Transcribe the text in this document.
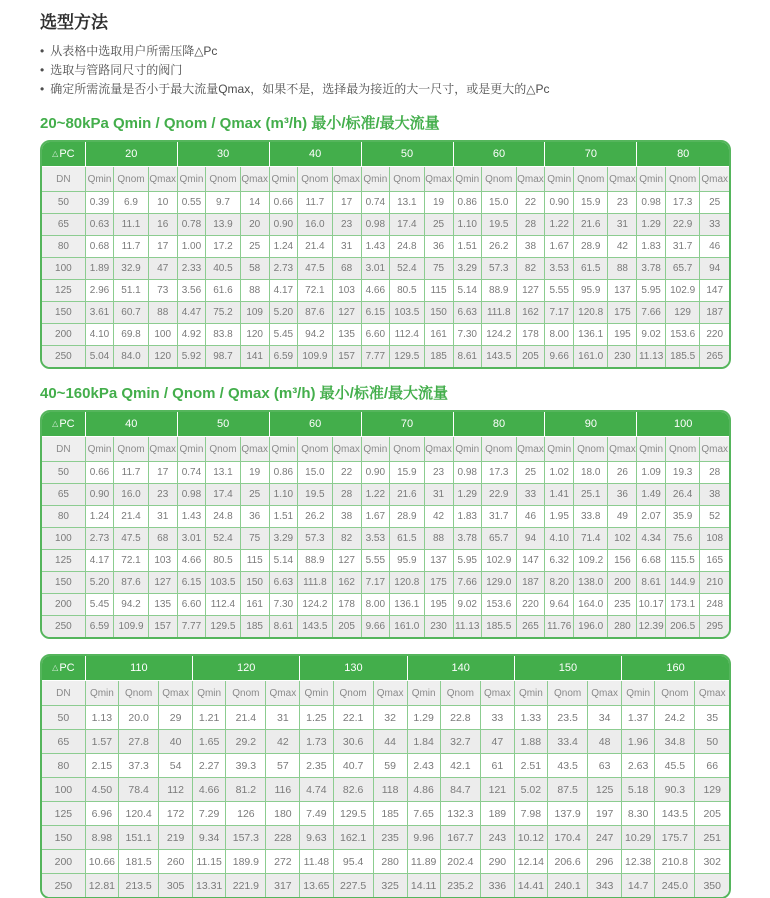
选型方法
• 从表格中选取用户所需压降△Pc
• 选取与管路同尺寸的阀门
• 确定所需流量是否小于最大流量Qmax，如果不是，选择最为接近的大一尺寸，或是更大的△Pc
20~80kPa Qmin / Qnom / Qmax (m³/h) 最小/标准/最大流量
△PC	20			30			40			50			60			70			80		
DN	Qmin	Qnom	Qmax	Qmin	Qnom	Qmax	Qmin	Qnom	Qmax	Qmin	Qnom	Qmax	Qmin	Qnom	Qmax	Qmin	Qnom	Qmax	Qmin	Qnom	Qmax
50	0.39	6.9	10	0.55	9.7	14	0.66	11.7	17	0.74	13.1	19	0.86	15.0	22	0.90	15.9	23	0.98	17.3	25
65	0.63	11.1	16	0.78	13.9	20	0.90	16.0	23	0.98	17.4	25	1.10	19.5	28	1.22	21.6	31	1.29	22.9	33
80	0.68	11.7	17	1.00	17.2	25	1.24	21.4	31	1.43	24.8	36	1.51	26.2	38	1.67	28.9	42	1.83	31.7	46
100	1.89	32.9	47	2.33	40.5	58	2.73	47.5	68	3.01	52.4	75	3.29	57.3	82	3.53	61.5	88	3.78	65.7	94
125	2.96	51.1	73	3.56	61.6	88	4.17	72.1	103	4.66	80.5	115	5.14	88.9	127	5.55	95.9	137	5.95	102.9	147
150	3.61	60.7	88	4.47	75.2	109	5.20	87.6	127	6.15	103.5	150	6.63	111.8	162	7.17	120.8	175	7.66	129	187
200	4.10	69.8	100	4.92	83.8	120	5.45	94.2	135	6.60	112.4	161	7.30	124.2	178	8.00	136.1	195	9.02	153.6	220
250	5.04	84.0	120	5.92	98.7	141	6.59	109.9	157	7.77	129.5	185	8.61	143.5	205	9.66	161.0	230	11.13	185.5	265
40~160kPa Qmin / Qnom / Qmax (m³/h) 最小/标准/最大流量
△PC	40			50			60			70			80			90			100		
DN	Qmin	Qnom	Qmax	Qmin	Qnom	Qmax	Qmin	Qnom	Qmax	Qmin	Qnom	Qmax	Qmin	Qnom	Qmax	Qmin	Qnom	Qmax	Qmin	Qnom	Qmax
50	0.66	11.7	17	0.74	13.1	19	0.86	15.0	22	0.90	15.9	23	0.98	17.3	25	1.02	18.0	26	1.09	19.3	28
65	0.90	16.0	23	0.98	17.4	25	1.10	19.5	28	1.22	21.6	31	1.29	22.9	33	1.41	25.1	36	1.49	26.4	38
80	1.24	21.4	31	1.43	24.8	36	1.51	26.2	38	1.67	28.9	42	1.83	31.7	46	1.95	33.8	49	2.07	35.9	52
100	2.73	47.5	68	3.01	52.4	75	3.29	57.3	82	3.53	61.5	88	3.78	65.7	94	4.10	71.4	102	4.34	75.6	108
125	4.17	72.1	103	4.66	80.5	115	5.14	88.9	127	5.55	95.9	137	5.95	102.9	147	6.32	109.2	156	6.68	115.5	165
150	5.20	87.6	127	6.15	103.5	150	6.63	111.8	162	7.17	120.8	175	7.66	129.0	187	8.20	138.0	200	8.61	144.9	210
200	5.45	94.2	135	6.60	112.4	161	7.30	124.2	178	8.00	136.1	195	9.02	153.6	220	9.64	164.0	235	10.17	173.1	248
250	6.59	109.9	157	7.77	129.5	185	8.61	143.5	205	9.66	161.0	230	11.13	185.5	265	11.76	196.0	280	12.39	206.5	295
△PC	110			120			130			140			150			160		
DN	Qmin	Qnom	Qmax	Qmin	Qnom	Qmax	Qmin	Qnom	Qmax	Qmin	Qnom	Qmax	Qmin	Qnom	Qmax	Qmin	Qnom	Qmax
50	1.13	20.0	29	1.21	21.4	31	1.25	22.1	32	1.29	22.8	33	1.33	23.5	34	1.37	24.2	35
65	1.57	27.8	40	1.65	29.2	42	1.73	30.6	44	1.84	32.7	47	1.88	33.4	48	1.96	34.8	50
80	2.15	37.3	54	2.27	39.3	57	2.35	40.7	59	2.43	42.1	61	2.51	43.5	63	2.63	45.5	66
100	4.50	78.4	112	4.66	81.2	116	4.74	82.6	118	4.86	84.7	121	5.02	87.5	125	5.18	90.3	129
125	6.96	120.4	172	7.29	126	180	7.49	129.5	185	7.65	132.3	189	7.98	137.9	197	8.30	143.5	205
150	8.98	151.1	219	9.34	157.3	228	9.63	162.1	235	9.96	167.7	243	10.12	170.4	247	10.29	175.7	251
200	10.66	181.5	260	11.15	189.9	272	11.48	95.4	280	11.89	202.4	290	12.14	206.6	296	12.38	210.8	302
250	12.81	213.5	305	13.31	221.9	317	13.65	227.5	325	14.11	235.2	336	14.41	240.1	343	14.7	245.0	350
